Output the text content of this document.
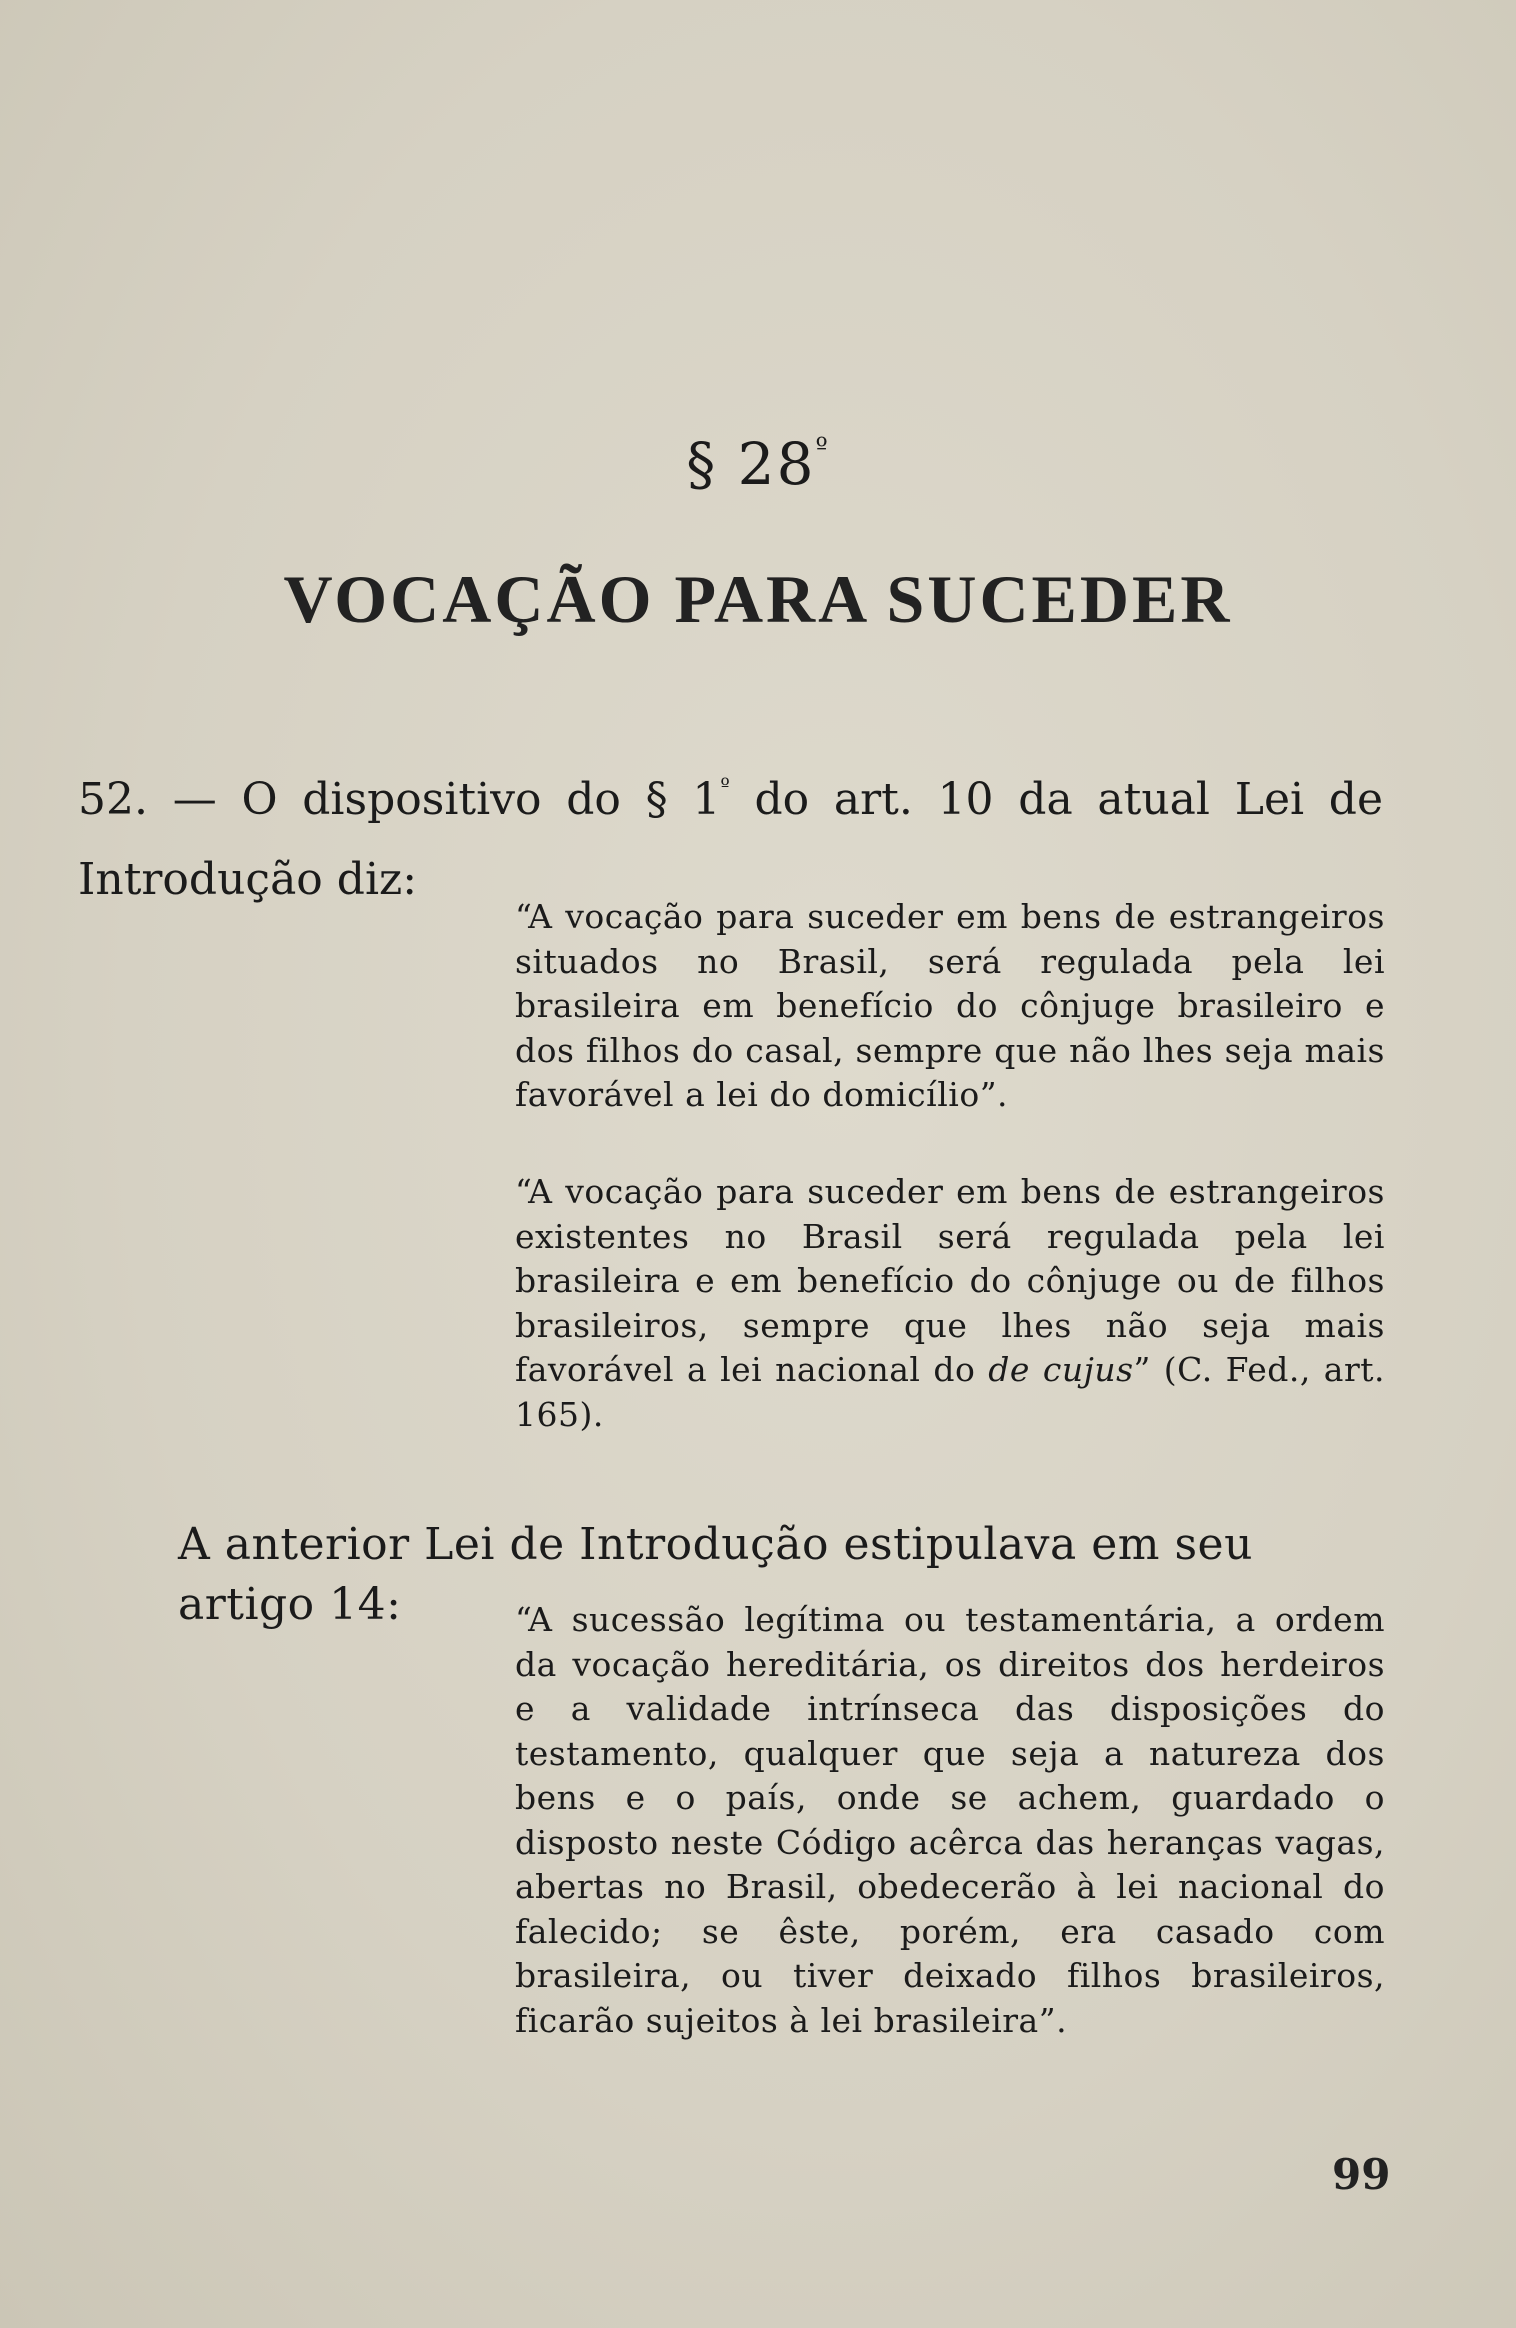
§ $28^º$
VOCAÇÃO PARA SUCEDER
52. — O dispositivo do § $1^º$ do art. 10 da atual Lei de Introdução diz:
“A vocação para suceder em bens de estrangeiros situados no Brasil, será regulada pela lei brasileira em benefício do cônjuge brasileiro e dos filhos do casal, sempre que não lhes seja mais favorável a lei do domicílio”.
“A vocação para suceder em bens de estrangeiros existentes no Brasil será regulada pela lei brasileira e em benefício do cônjuge ou de filhos brasileiros, sempre que lhes não seja mais favorável a lei nacional do de cujus” (C. Fed., art. 165).
A anterior Lei de Introdução estipulava em seu artigo 14:	“A sucessão legítima ou testamentária, a ordem da vocação hereditária, os direitos dos herdeiros e a validade intrínseca das disposições do testamento, qualquer que seja a natureza dos bens e o país, onde se achem, guardado o disposto neste Código acêrca das heranças vagas, abertas no Brasil, obedecerão à lei nacional do falecido; se êste, porém, era casado com brasileira, ou tiver deixado filhos brasileiros, ficarão sujeitos à lei brasileira”.
99
